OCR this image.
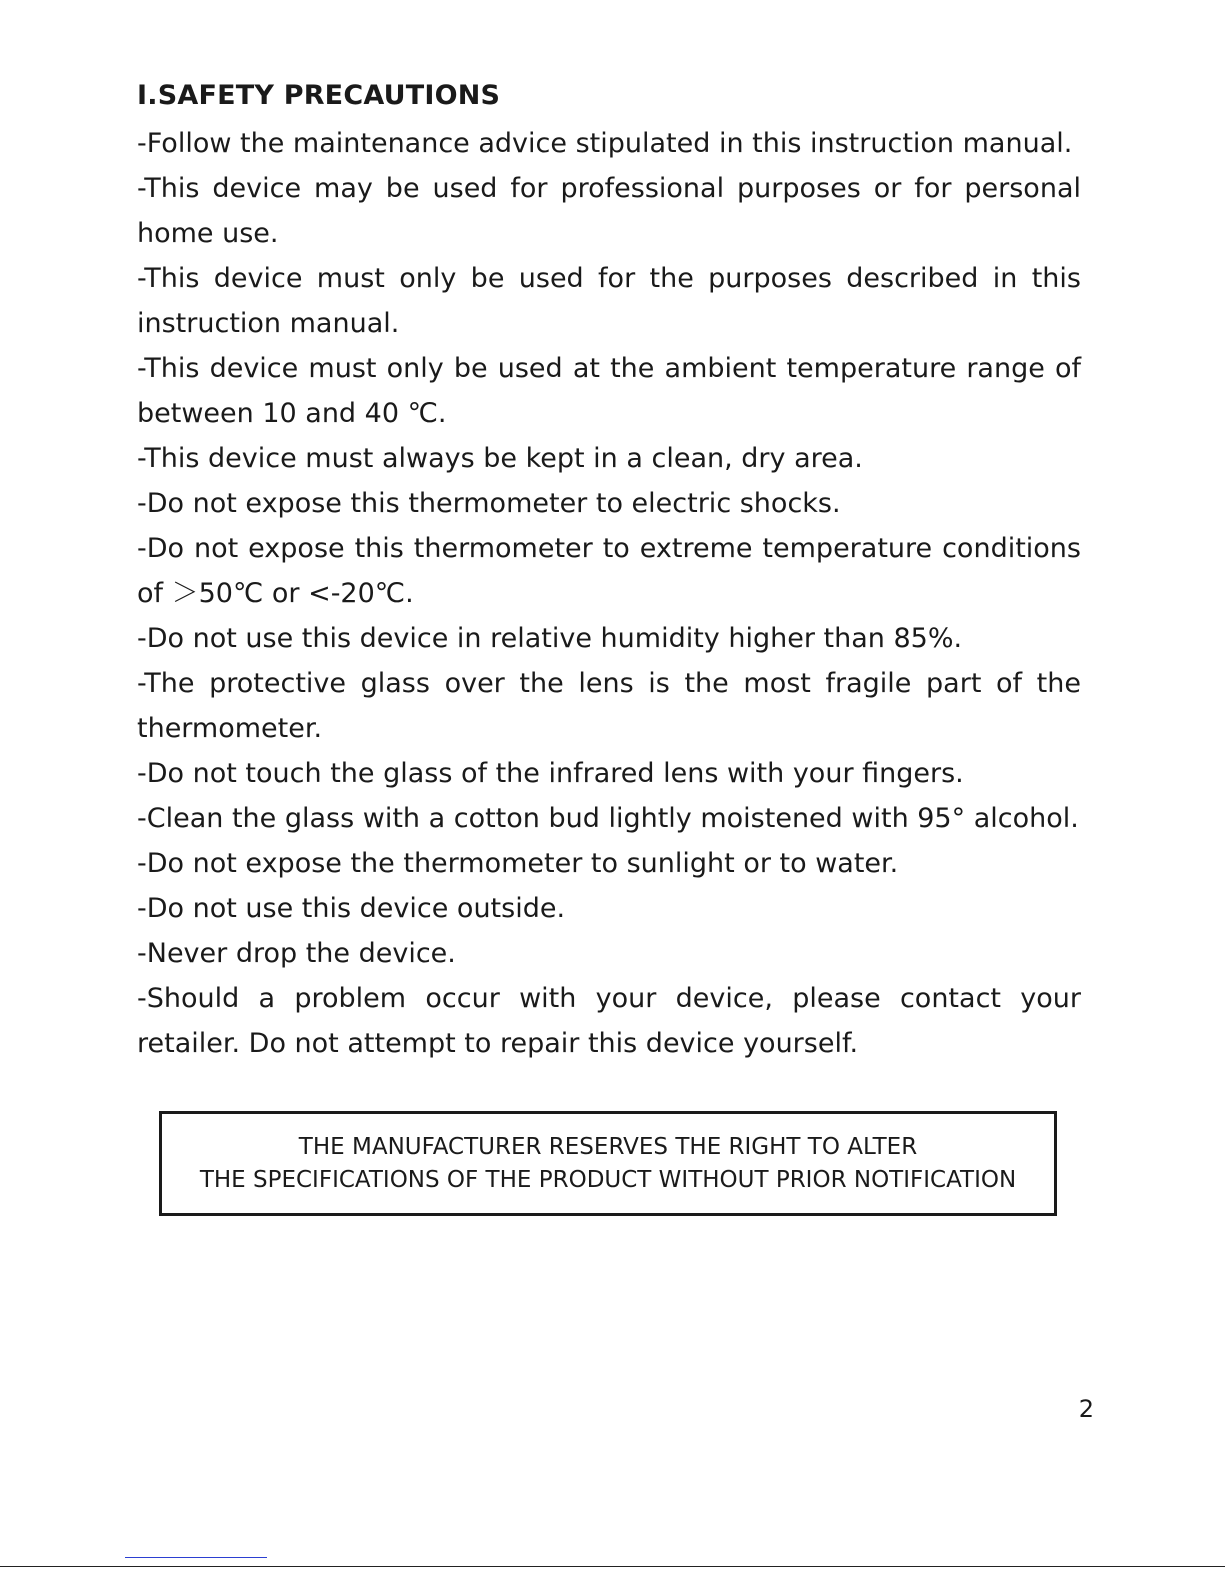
I.SAFETY PRECAUTIONS
-Follow the maintenance advice stipulated in this instruction manual.
-This device may be used for professional purposes or for personal home use.
-This device must only be used for the purposes described in this instruction manual.
-This device must only be used at the ambient temperature range of between 10 and 40 ℃.
-This device must always be kept in a clean, dry area.
-Do not expose this thermometer to electric shocks.
-Do not expose this thermometer to extreme temperature conditions of ＞50℃ or <-20℃.
-Do not use this device in relative humidity higher than 85%.
-The protective glass over the lens is the most fragile part of the thermometer.
-Do not touch the glass of the infrared lens with your fingers.
-Clean the glass with a cotton bud lightly moistened with 95° alcohol.
-Do not expose the thermometer to sunlight or to water.
-Do not use this device outside.
-Never drop the device.
-Should a problem occur with your device, please contact your retailer. Do not attempt to repair this device yourself.
THE MANUFACTURER RESERVES THE RIGHT TO ALTER
THE SPECIFICATIONS OF THE PRODUCT WITHOUT PRIOR NOTIFICATION
2
